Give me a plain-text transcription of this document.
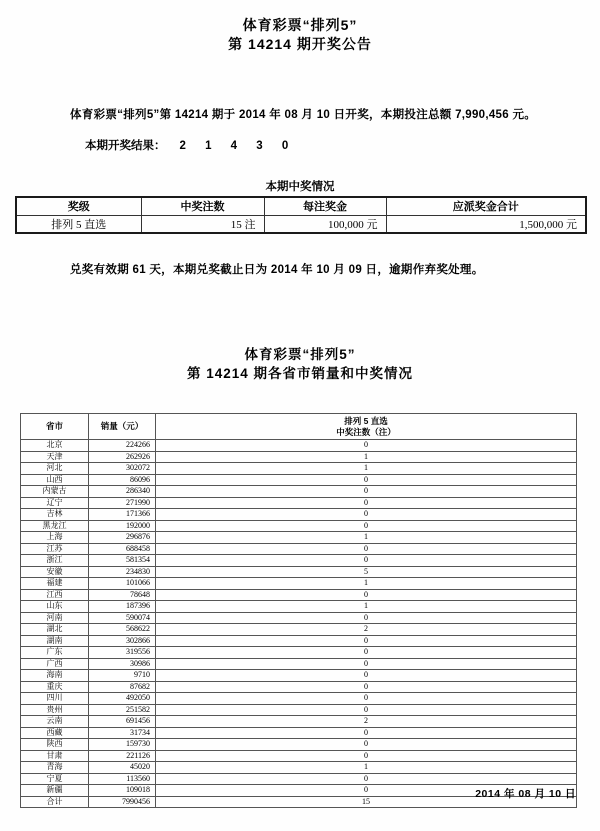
体育彩票“排列5”
第 14214 期开奖公告
体育彩票“排列5”第 14214 期于 2014 年 08 月 10 日开奖，本期投注总额 7,990,456 元。
本期开奖结果： 2 1 4 3 0
本期中奖情况
奖级	中奖注数	每注奖金	应派奖金合计
排列 5 直选	15 注	100,000 元	1,500,000 元
兑奖有效期 61 天，本期兑奖截止日为 2014 年 10 月 09 日，逾期作弃奖处理。
体育彩票“排列5”
第 14214 期各省市销量和中奖情况
省市	销量（元）	排列 5 直选
中奖注数（注）

北京	224266	0
天津	262926	1
河北	302072	1
山西	86096	0
内蒙古	286340	0
辽宁	271990	0
吉林	171366	0
黑龙江	192000	0
上海	296876	1
江苏	688458	0
浙江	581354	0
安徽	234830	5
福建	101066	1
江西	78648	0
山东	187396	1
河南	590074	0
湖北	568622	2
湖南	302866	0
广东	319556	0
广西	30986	0
海南	9710	0
重庆	87682	0
四川	492050	0
贵州	251582	0
云南	691456	2
西藏	31734	0
陕西	159730	0
甘肃	221126	0
青海	45020	1
宁夏	113560	0
新疆	109018	0
合计	7990456	15
2014 年 08 月 10 日
